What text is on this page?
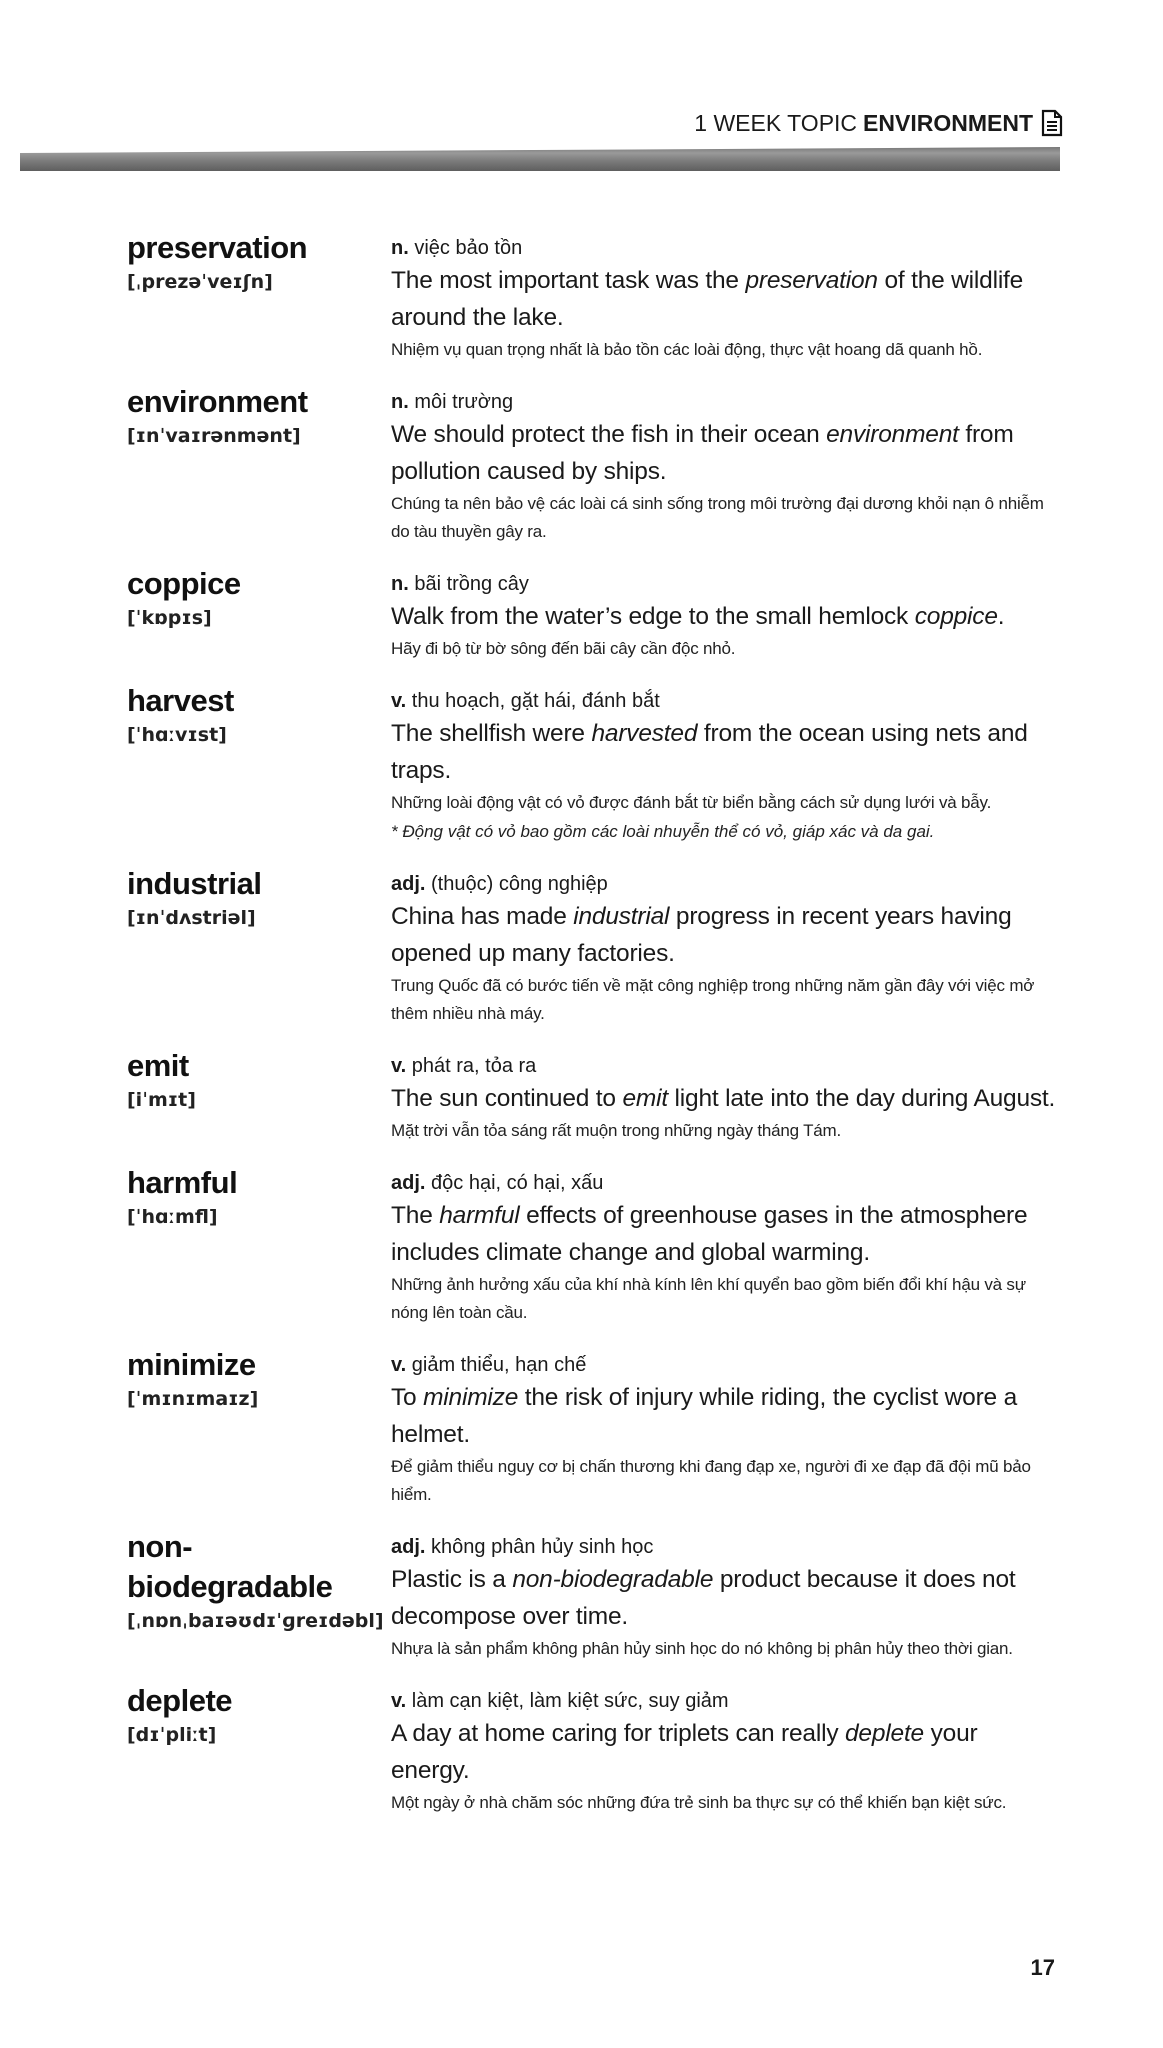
1 WEEK TOPIC ENVIRONMENT
preservation
[ˌprezəˈveɪʃn]
n. việc bảo tồn
The most important task was the preservation of the wildlife around the lake.
Nhiệm vụ quan trọng nhất là bảo tồn các loài động, thực vật hoang dã quanh hồ.
environment
[ɪnˈvaɪrənmənt]
n. môi trường
We should protect the fish in their ocean environment from pollution caused by ships.
Chúng ta nên bảo vệ các loài cá sinh sống trong môi trường đại dương khỏi nạn ô nhiễm do tàu thuyền gây ra.
coppice
[ˈkɒpɪs]
n. bãi trồng cây
Walk from the water’s edge to the small hemlock coppice.
Hãy đi bộ từ bờ sông đến bãi cây cần độc nhỏ.
harvest
[ˈhɑːvɪst]
v. thu hoạch, gặt hái, đánh bắt
The shellfish were harvested from the ocean using nets and traps.
Những loài động vật có vỏ được đánh bắt từ biển bằng cách sử dụng lưới và bẫy.
* Động vật có vỏ bao gồm các loài nhuyễn thể có vỏ, giáp xác và da gai.
industrial
[ɪnˈdʌstriəl]
adj. (thuộc) công nghiệp
China has made industrial progress in recent years having opened up many factories.
Trung Quốc đã có bước tiến về mặt công nghiệp trong những năm gần đây với việc mở thêm nhiều nhà máy.
emit
[iˈmɪt]
v. phát ra, tỏa ra
The sun continued to emit light late into the day during August.
Mặt trời vẫn tỏa sáng rất muộn trong những ngày tháng Tám.
harmful
[ˈhɑːmfl]
adj. độc hại, có hại, xấu
The harmful effects of greenhouse gases in the atmosphere includes climate change and global warming.
Những ảnh hưởng xấu của khí nhà kính lên khí quyển bao gồm biến đổi khí hậu và sự nóng lên toàn cầu.
minimize
[ˈmɪnɪmaɪz]
v. giảm thiểu, hạn chế
To minimize the risk of injury while riding, the cyclist wore a helmet.
Để giảm thiểu nguy cơ bị chấn thương khi đang đạp xe, người đi xe đạp đã đội mũ bảo hiểm.
non-biodegradable
[ˌnɒnˌbaɪəʊdɪˈɡreɪdəbl]
adj. không phân hủy sinh học
Plastic is a non-biodegradable product because it does not decompose over time.
Nhựa là sản phẩm không phân hủy sinh học do nó không bị phân hủy theo thời gian.
deplete
[dɪˈpliːt]
v. làm cạn kiệt, làm kiệt sức, suy giảm
A day at home caring for triplets can really deplete your energy.
Một ngày ở nhà chăm sóc những đứa trẻ sinh ba thực sự có thể khiến bạn kiệt sức.
17
